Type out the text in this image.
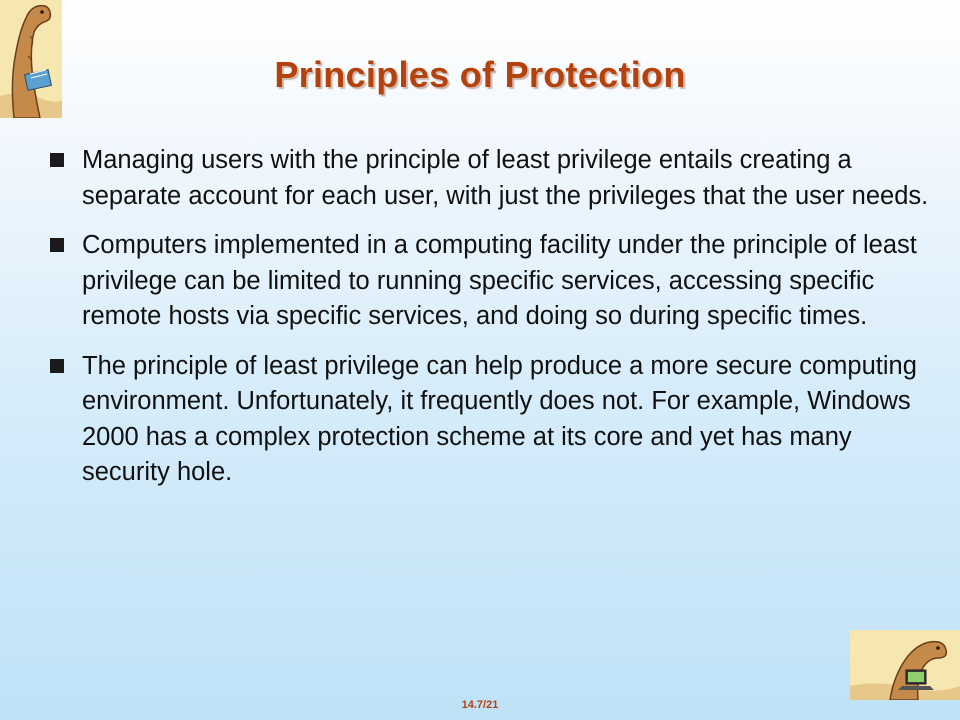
Principles of Protection
Managing users with the principle of least privilege entails creating a separate account for each user, with just the privileges that the user needs.
Computers implemented in a computing facility under the principle of least privilege can be limited to running specific services, accessing specific remote hosts via specific services, and doing so during specific times.
The principle of least privilege can help produce a more secure computing environment. Unfortunately, it frequently does not. For example, Windows 2000 has a complex protection scheme at its core and yet has many security hole.
14.7/21
